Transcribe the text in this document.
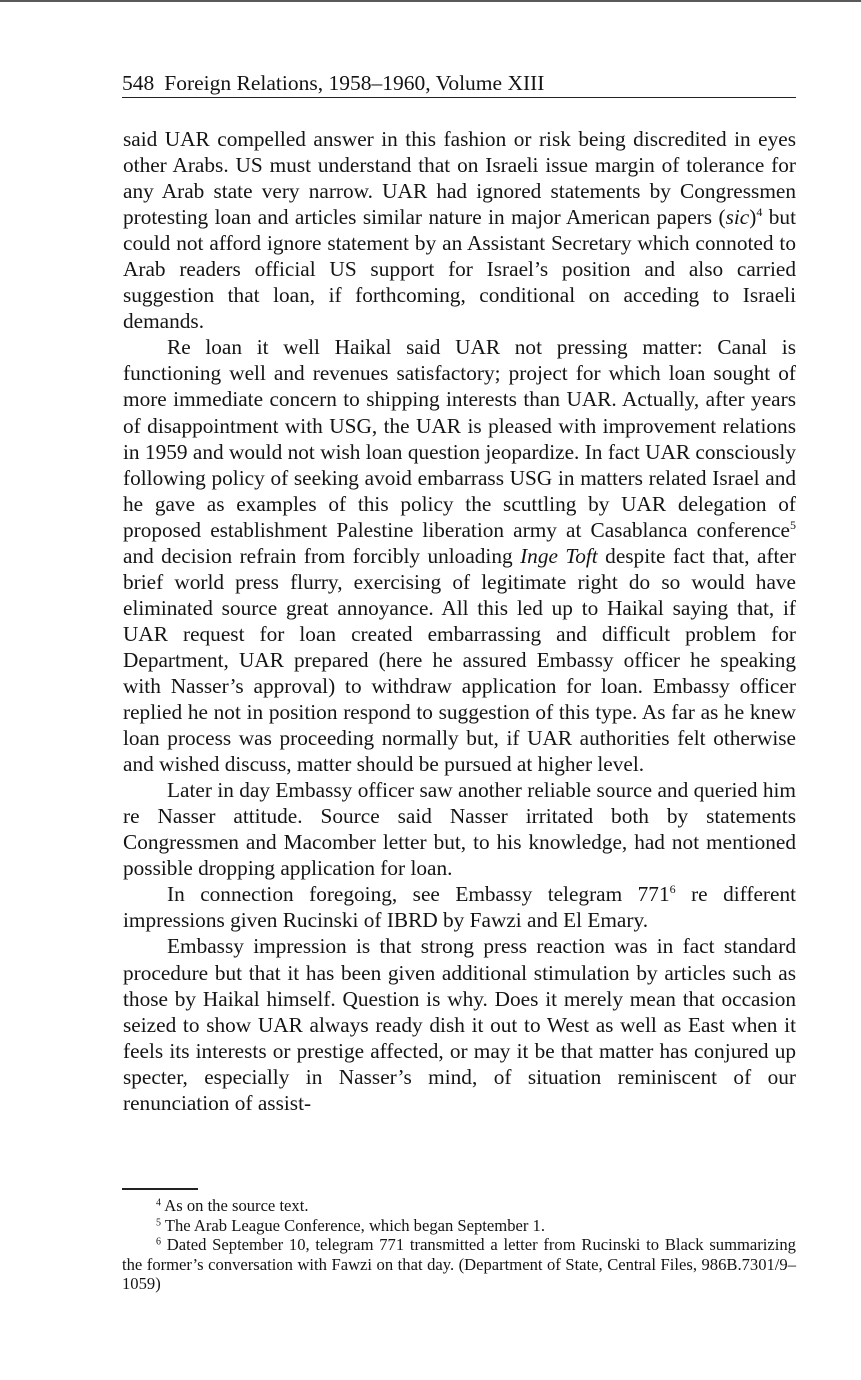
548 Foreign Relations, 1958–1960, Volume XIII

said UAR compelled answer in this fashion or risk being discredited in eyes other Arabs. US must understand that on Israeli issue margin of tolerance for any Arab state very narrow. UAR had ignored statements by Congressmen protesting loan and articles similar nature in major American papers (sic)$^4$ but could not afford ignore statement by an Assistant Secretary which connoted to Arab readers official US support for Israel’s position and also carried suggestion that loan, if forthcoming, conditional on acceding to Israeli demands.

Re loan it well Haikal said UAR not pressing matter: Canal is functioning well and revenues satisfactory; project for which loan sought of more immediate concern to shipping interests than UAR. Actually, after years of disappointment with USG, the UAR is pleased with improvement relations in 1959 and would not wish loan question jeopardize. In fact UAR consciously following policy of seeking avoid embarrass USG in matters related Israel and he gave as examples of this policy the scuttling by UAR delegation of proposed establishment Palestine liberation army at Casablanca conference$^5$ and decision refrain from forcibly unloading Inge Toft despite fact that, after brief world press flurry, exercising of legitimate right do so would have eliminated source great annoyance. All this led up to Haikal saying that, if UAR request for loan created embarrassing and difficult problem for Department, UAR prepared (here he assured Embassy officer he speaking with Nasser’s approval) to withdraw application for loan. Embassy officer replied he not in position respond to suggestion of this type. As far as he knew loan process was proceeding normally but, if UAR authorities felt otherwise and wished discuss, matter should be pursued at higher level.

Later in day Embassy officer saw another reliable source and queried him re Nasser attitude. Source said Nasser irritated both by statements Congressmen and Macomber letter but, to his knowledge, had not mentioned possible dropping application for loan.

In connection foregoing, see Embassy telegram $771^6$ re different impressions given Rucinski of IBRD by Fawzi and El Emary.

Embassy impression is that strong press reaction was in fact standard procedure but that it has been given additional stimulation by articles such as those by Haikal himself. Question is why. Does it merely mean that occasion seized to show UAR always ready dish it out to West as well as East when it feels its interests or prestige affected, or may it be that matter has conjured up specter, especially in Nasser’s mind, of situation reminiscent of our renunciation of assist-

$^4$ As on the source text.

$^5$ The Arab League Conference, which began September 1.

$^6$ Dated September 10, telegram 771 transmitted a letter from Rucinski to Black summarizing the former’s conversation with Fawzi on that day. (Department of State, Central Files, 986B.7301/9–1059)
